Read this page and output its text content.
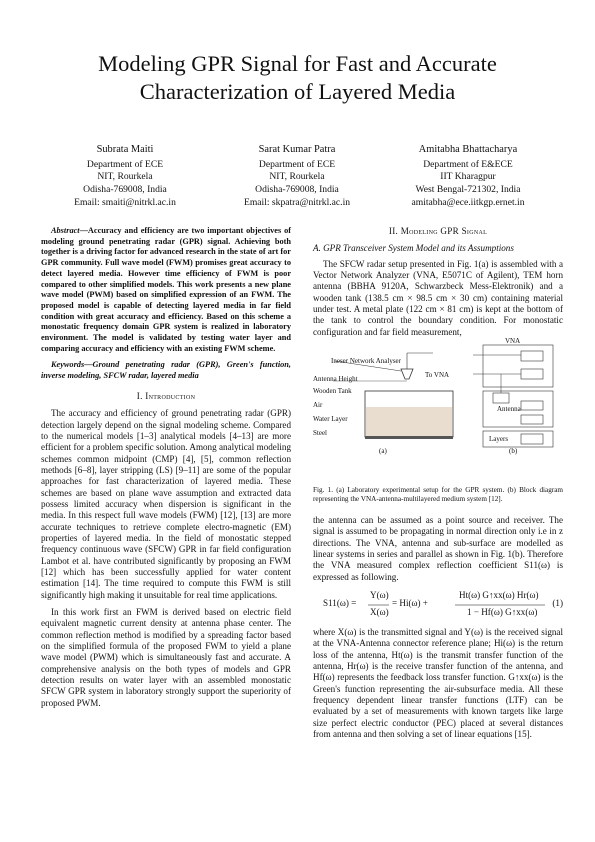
Modeling GPR Signal for Fast and Accurate
Characterization of Layered Media
Subrata Maiti
Department of ECE
NIT, Rourkela
Odisha-769008, India
Email: smaiti@nitrkl.ac.in
Sarat Kumar Patra
Department of ECE
NIT, Rourkela
Odisha-769008, India
Email: skpatra@nitrkl.ac.in
Amitabha Bhattacharya
Department of E&ECE
IIT Kharagpur
West Bengal-721302, India
amitabha@ece.iitkgp.ernet.in

Abstract—Accuracy and efficiency are two important objectives of modeling ground penetrating radar (GPR) signal. Achieving both together is a driving factor for advanced research in the state of art for GPR community. Full wave model (FWM) promises great accuracy to detect layered media. However time efficiency of FWM is poor compared to other simplified models. This work presents a new plane wave model (PWM) based on simplified expression of an FWM. The proposed model is capable of detecting layered media in far field condition with great accuracy and efficiency. Based on this scheme a monostatic frequency domain GPR system is realized in laboratory environment. The model is validated by testing water layer and comparing accuracy and efficiency with an existing FWM scheme.

Keywords—Ground penetrating radar (GPR), Green's function, inverse modeling, SFCW radar, layered media

I. Introduction

The accuracy and efficiency of ground penetrating radar (GPR) detection largely depend on the signal modeling scheme. Compared to the numerical models [1–3] analytical models [4–13] are more efficient for a problem specific solution. Among analytical modeling schemes common midpoint (CMP) [4], [5], common reflection methods [6–8], layer stripping (LS) [9–11] are some of the popular approaches for fast characterization of layered media. These schemes are based on plane wave assumption and extracted data possess limited accuracy when dispersion is significant in the media. In this respect full wave models (FWM) [12], [13] are more accurate techniques to retrieve complete electro-magnetic (EM) properties of layered media. In the field of monostatic stepped frequency continuous wave (SFCW) GPR in far field configuration Lambot et al. have contributed significantly by proposing an FWM [12] which has been successfully applied for water content estimation [14]. The time required to compute this FWM is still significantly high making it unsuitable for real time applications.

In this work first an FWM is derived based on electric field equivalent magnetic current density at antenna phase center. The common reflection method is modified by a spreading factor based on the simplified formula of the proposed FWM to yield a plane wave model (PWM) which is simultaneously fast and accurate. A comprehensive analysis on the both types of models and GPR detection results on water layer with an assembled monostatic SFCW GPR system in laboratory strongly support the superiority of proposed PWM.

II. Modeling GPR Signal

A. GPR Transceiver System Model and its Assumptions

The SFCW radar setup presented in Fig. 1(a) is assembled with a Vector Network Analyzer (VNA, E5071C of Agilent), TEM horn antenna (BBHA 9120A, Schwarzbeck Mess-Elektronik) and a wooden tank (138.5 cm × 98.5 cm × 30 cm) containing material under test. A metal plate (122 cm × 81 cm) is kept at the bottom of the tank to control the boundary condition. For monostatic configuration and far field measurement,

Ineser Network Analyser
To VNA
Antenna Height
Wooden Tank
Air
Water Layer
Steel
VNA
Antenna
Layers
(a)	(b)
Fig. 1. (a) Laboratory experimental setup for the GPR system. (b) Block diagram representing the VNA-antenna-multilayered medium system [12].

the antenna can be assumed as a point source and receiver. The signal is assumed to be propagating in normal direction only i.e in z directions. The VNA, antenna and sub-surface are modelled as linear systems in series and parallel as shown in Fig. 1(b). Therefore the VNA measured complex reflection coefficient S11(ω) is expressed as following.

S11(ω) =
Y(ω)
X(ω)
= Hi(ω) +
Ht(ω) G↑xx(ω) Hr(ω)
1 − Hf(ω) G↑xx(ω)
(1)

where X(ω) is the transmitted signal and Y(ω) is the received signal at the VNA-Antenna connector reference plane; Hi(ω) is the return loss of the antenna, Ht(ω) is the transmit transfer function of the antenna, Hr(ω) is the receive transfer function of the antenna, and Hf(ω) represents the feedback loss transfer function. G↑xx(ω) is the Green's function representing the air-subsurface media. All these frequency dependent linear transfer functions (LTF) can be evaluated by a set of measurements with known targets like large size perfect electric conductor (PEC) placed at several distances from antenna and then solving a set of linear equations [15].
